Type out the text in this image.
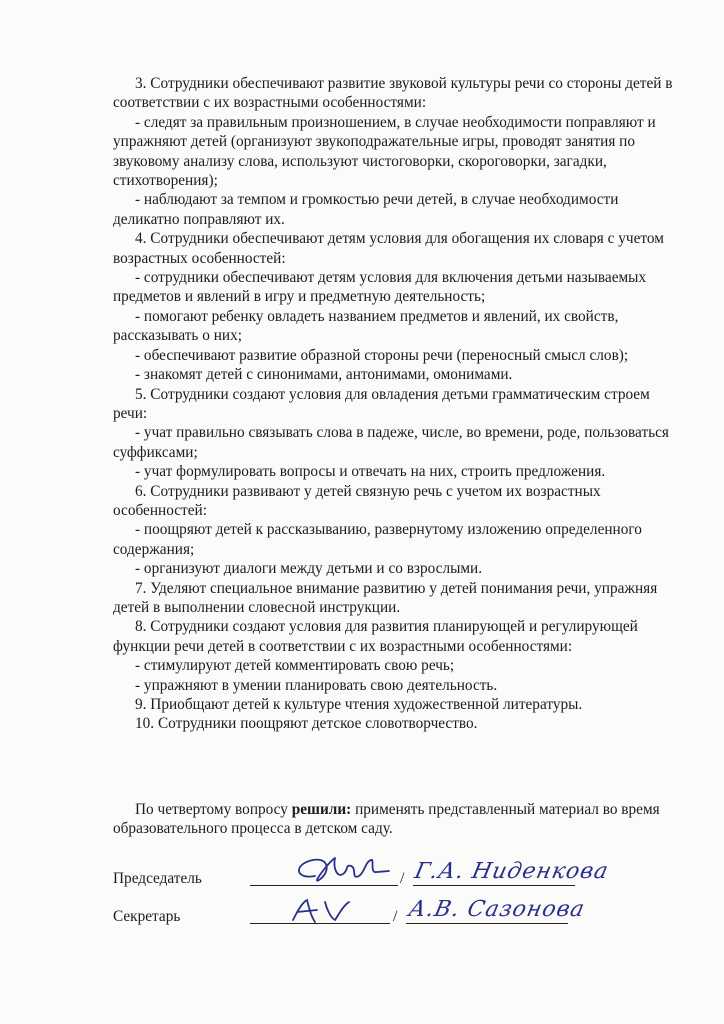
3. Сотрудники обеспечивают развитие звуковой культуры речи со стороны детей в соответствии с их возрастными особенностями:

- следят за правильным произношением, в случае необходимости поправляют и упражняют детей (организуют звукоподражательные игры, проводят занятия по звуковому анализу слова, используют чистоговорки, скороговорки, загадки, стихотворения);

- наблюдают за темпом и громкостью речи детей, в случае необходимости деликатно поправляют их.

4. Сотрудники обеспечивают детям условия для обогащения их словаря с учетом возрастных особенностей:

- сотрудники обеспечивают детям условия для включения детьми называемых предметов и явлений в игру и предметную деятельность;

- помогают ребенку овладеть названием предметов и явлений, их свойств, рассказывать о них;

- обеспечивают развитие образной стороны речи (переносный смысл слов);

- знакомят детей с синонимами, антонимами, омонимами.

5. Сотрудники создают условия для овладения детьми грамматическим строем речи:

- учат правильно связывать слова в падеже, числе, во времени, роде, пользоваться суффиксами;

- учат формулировать вопросы и отвечать на них, строить предложения.

6. Сотрудники развивают у детей связную речь с учетом их возрастных особенностей:

- поощряют детей к рассказыванию, развернутому изложению определенного содержания;

- организуют диалоги между детьми и со взрослыми.

7. Уделяют специальное внимание развитию у детей понимания речи, упражняя детей в выполнении словесной инструкции.

8. Сотрудники создают условия для развития планирующей и регулирующей функции речи детей в соответствии с их возрастными особенностями:

- стимулируют детей комментировать свою речь;

- упражняют в умении планировать свою деятельность.

9. Приобщают детей к культуре чтения художественной литературы.

10. Сотрудники поощряют детское словотворчество.

По четвертому вопросу решили: применять представленный материал во время образовательного процесса в детском саду.

Председатель	/ Г.А. Ниденкова
Секретарь	/ А.В. Сазонова
